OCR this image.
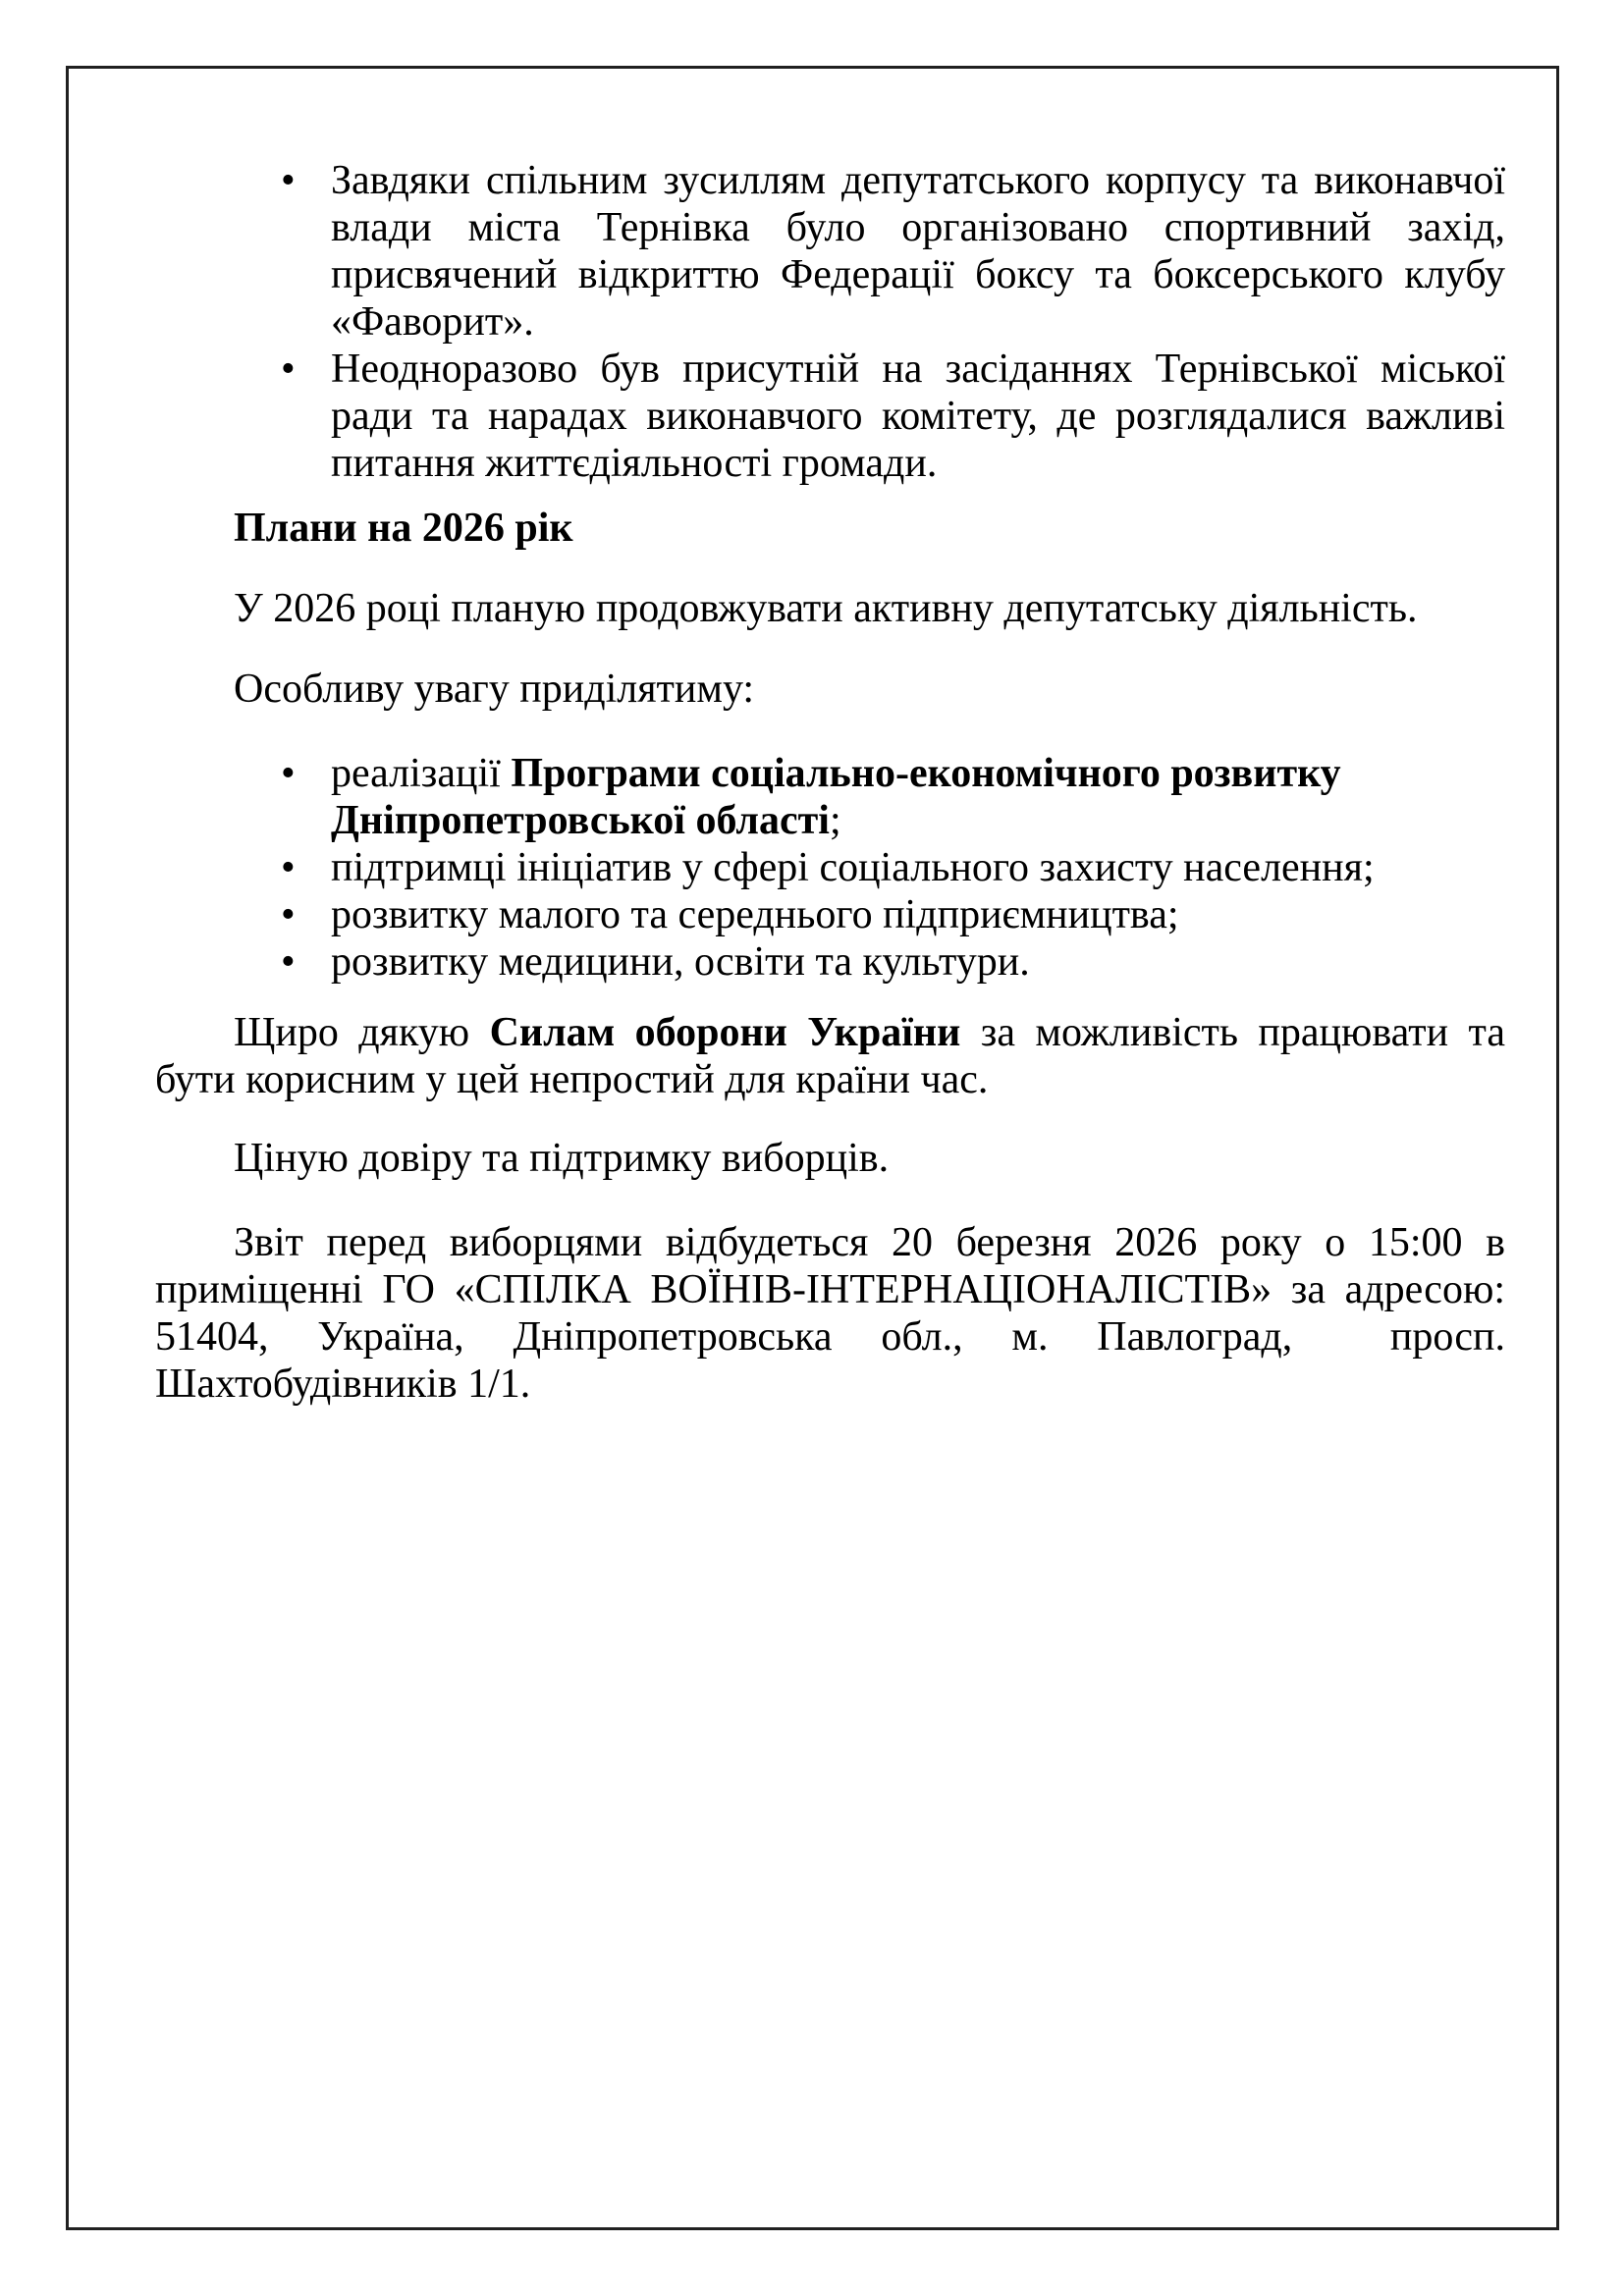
• Завдяки спільним зусиллям депутатського корпусу та виконавчої влади міста Тернівка було організовано спортивний захід, присвячений відкриттю Федерації боксу та боксерського клубу «Фаворит».
• Неодноразово був присутній на засіданнях Тернівської міської ради та нарадах виконавчого комітету, де розглядалися важливі питання життєдіяльності громади.

Плани на 2026 рік

У 2026 році планую продовжувати активну депутатську діяльність.

Особливу увагу приділятиму:

• реалізації Програми соціально-економічного розвитку Дніпропетровської області;
• підтримці ініціатив у сфері соціального захисту населення;
• розвитку малого та середнього підприємництва;
• розвитку медицини, освіти та культури.

Щиро дякую Силам оборони України за можливість працювати та бути корисним у цей непростий для країни час.

Ціную довіру та підтримку виборців.

Звіт перед виборцями відбудеться 20 березня 2026 року о 15:00 в приміщенні ГО «СПІЛКА ВОЇНІВ-ІНТЕРНАЦІОНАЛІСТІВ» за адресою: 51404, Україна, Дніпропетровська обл., м. Павлоград,  просп. Шахтобудівників 1/1.
